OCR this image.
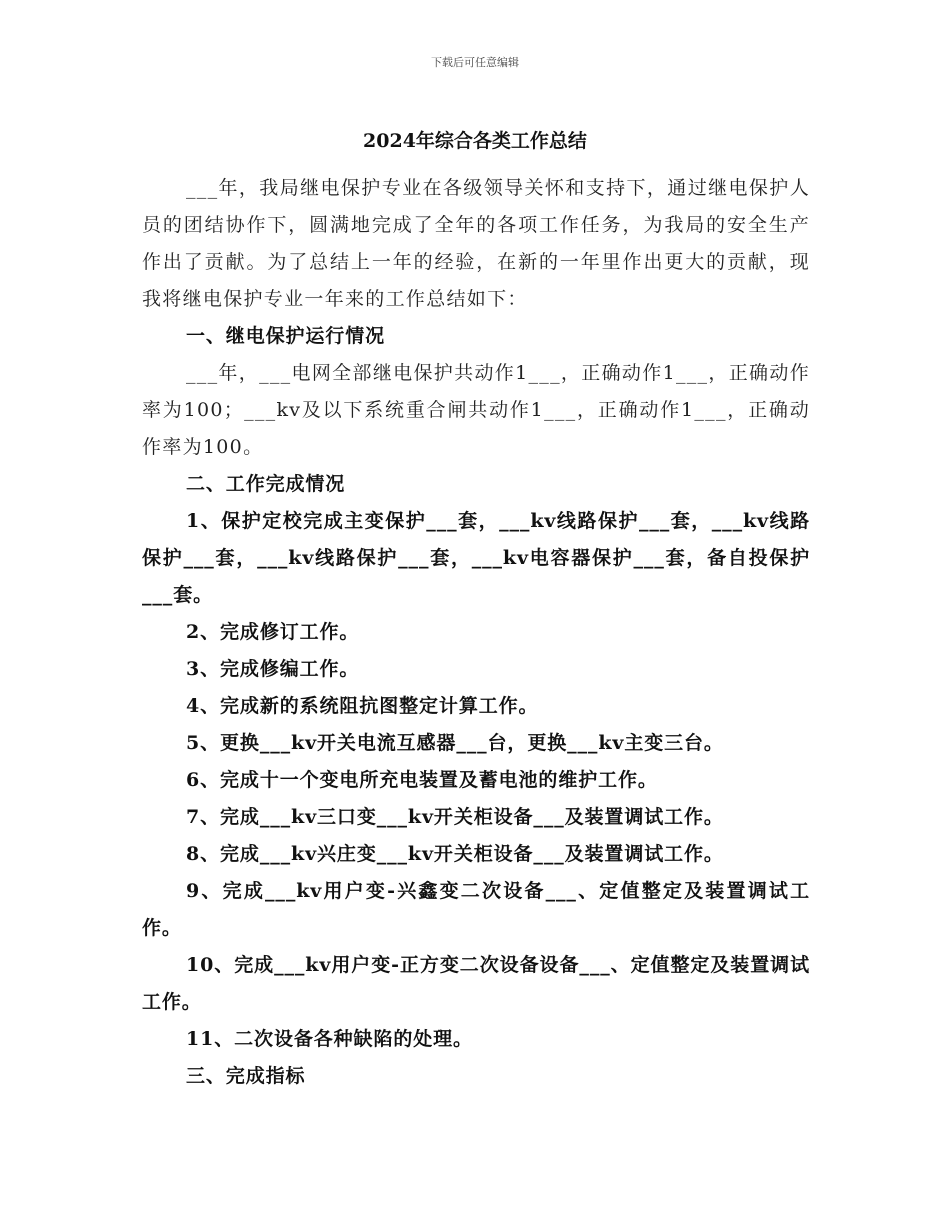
下载后可任意编辑
2024年综合各类工作总结

___年，我局继电保护专业在各级领导关怀和支持下，通过继电保护人员的团结协作下，圆满地完成了全年的各项工作任务，为我局的安全生产作出了贡献。为了总结上一年的经验，在新的一年里作出更大的贡献，现我将继电保护专业一年来的工作总结如下：

一、继电保护运行情况

___年，___电网全部继电保护共动作1___，正确动作1___，正确动作率为100；___kv及以下系统重合闸共动作1___，正确动作1___，正确动作率为100。

二、工作完成情况

1、保护定校完成主变保护___套，___kv线路保护___套，___kv线路保护___套，___kv线路保护___套，___kv电容器保护___套，备自投保护___套。

2、完成修订工作。

3、完成修编工作。

4、完成新的系统阻抗图整定计算工作。

5、更换___kv开关电流互感器___台，更换___kv主变三台。

6、完成十一个变电所充电装置及蓄电池的维护工作。

7、完成___kv三口变___kv开关柜设备___及装置调试工作。

8、完成___kv兴庄变___kv开关柜设备___及装置调试工作。

9、完成___kv用户变-兴鑫变二次设备___、定值整定及装置调试工作。

10、完成___kv用户变-正方变二次设备设备___、定值整定及装置调试工作。

11、二次设备各种缺陷的处理。

三、完成指标
